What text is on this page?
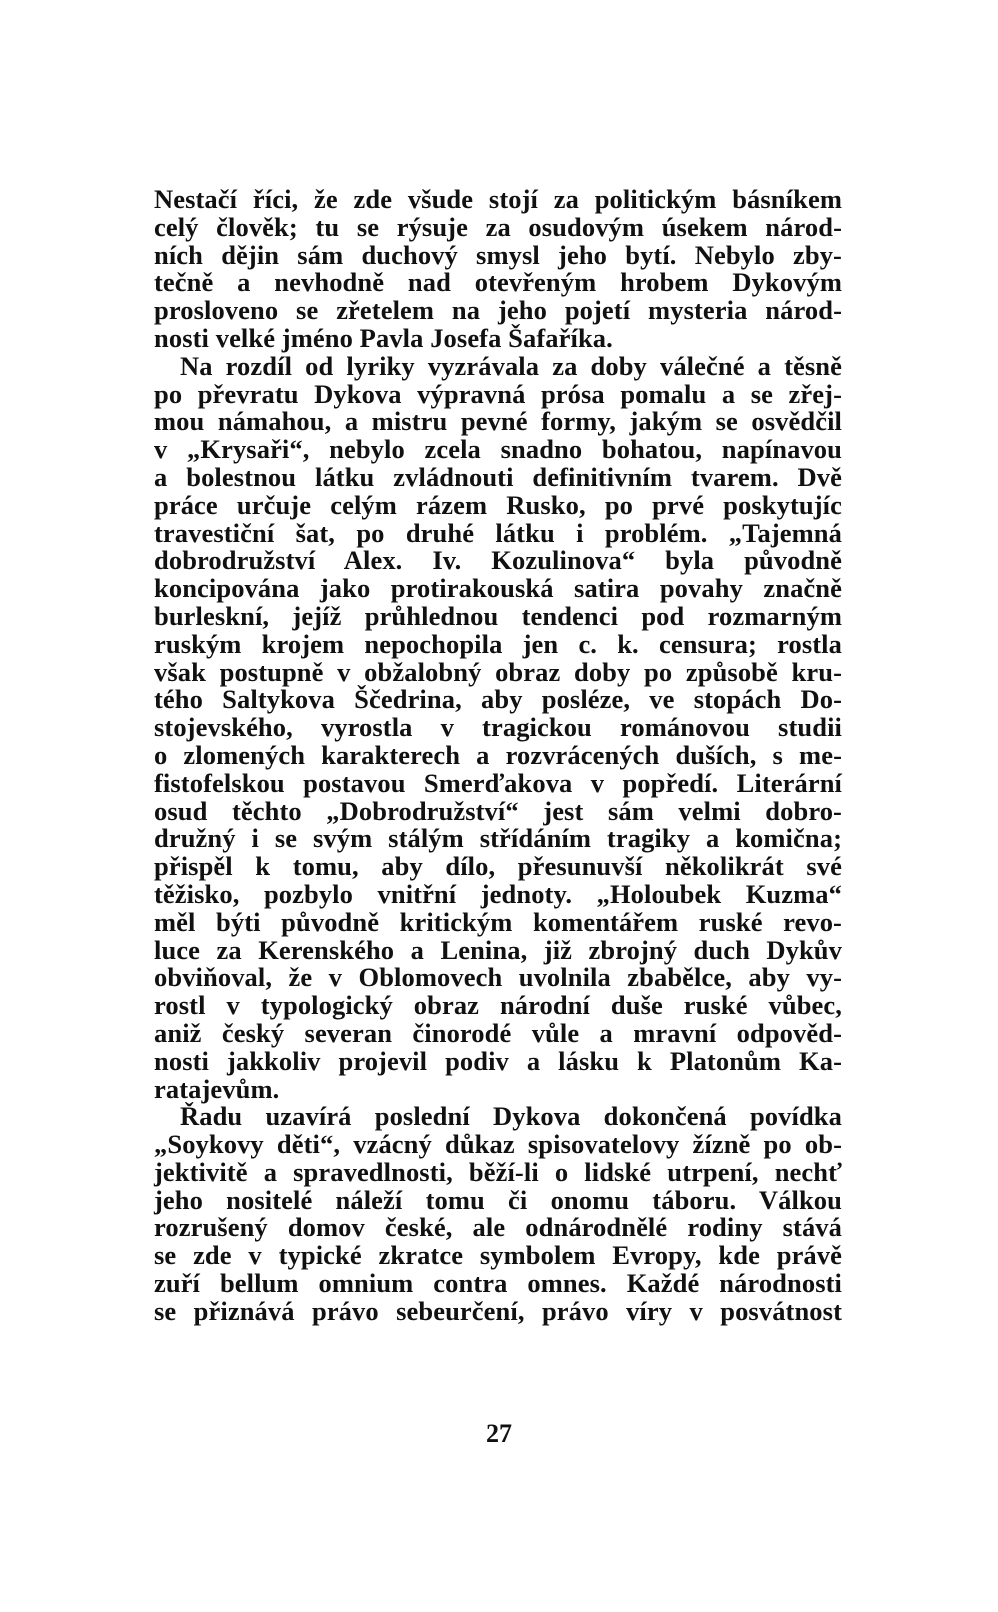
Nestačí říci, že zde všude stojí za politickým básníkem
celý člověk; tu se rýsuje za osudovým úsekem národ-
ních dějin sám duchový smysl jeho bytí. Nebylo zby-
tečně a nevhodně nad otevřeným hrobem Dykovým
prosloveno se zřetelem na jeho pojetí mysteria národ-
nosti velké jméno Pavla Josefa Šafaříka.
Na rozdíl od lyriky vyzrávala za doby válečné a těsně
po převratu Dykova výpravná prósa pomalu a se zřej-
mou námahou, a mistru pevné formy, jakým se osvědčil
v „Krysaři“, nebylo zcela snadno bohatou, napínavou
a bolestnou látku zvládnouti definitivním tvarem. Dvě
práce určuje celým rázem Rusko, po prvé poskytujíc
travestiční šat, po druhé látku i problém. „Tajemná
dobrodružství Alex. Iv. Kozulinova“ byla původně
koncipována jako protirakouská satira povahy značně
burleskní, jejíž průhlednou tendenci pod rozmarným
ruským krojem nepochopila jen c. k. censura; rostla
však postupně v obžalobný obraz doby po způsobě kru-
tého Saltykova Ščedrina, aby posléze, ve stopách Do-
stojevského, vyrostla v tragickou románovou studii
o zlomených karakterech a rozvrácených duších, s me-
fistofelskou postavou Smerďakova v popředí. Literární
osud těchto „Dobrodružství“ jest sám velmi dobro-
družný i se svým stálým střídáním tragiky a komična;
přispěl k tomu, aby dílo, přesunuvší několikrát své
těžisko, pozbylo vnitřní jednoty. „Holoubek Kuzma“
měl býti původně kritickým komentářem ruské revo-
luce za Kerenského a Lenina, již zbrojný duch Dykův
obviňoval, že v Oblomovech uvolnila zbabělce, aby vy-
rostl v typologický obraz národní duše ruské vůbec,
aniž český severan činorodé vůle a mravní odpověd-
nosti jakkoliv projevil podiv a lásku k Platonům Ka-
ratajevům.
Řadu uzavírá poslední Dykova dokončená povídka
„Soykovy děti“, vzácný důkaz spisovatelovy žízně po ob-
jektivitě a spravedlnosti, běží-li o lidské utrpení, nechť
jeho nositelé náleží tomu či onomu táboru. Válkou
rozrušený domov české, ale odnárodnělé rodiny stává
se zde v typické zkratce symbolem Evropy, kde právě
zuří bellum omnium contra omnes. Každé národnosti
se přiznává právo sebeurčení, právo víry v posvátnost
27
